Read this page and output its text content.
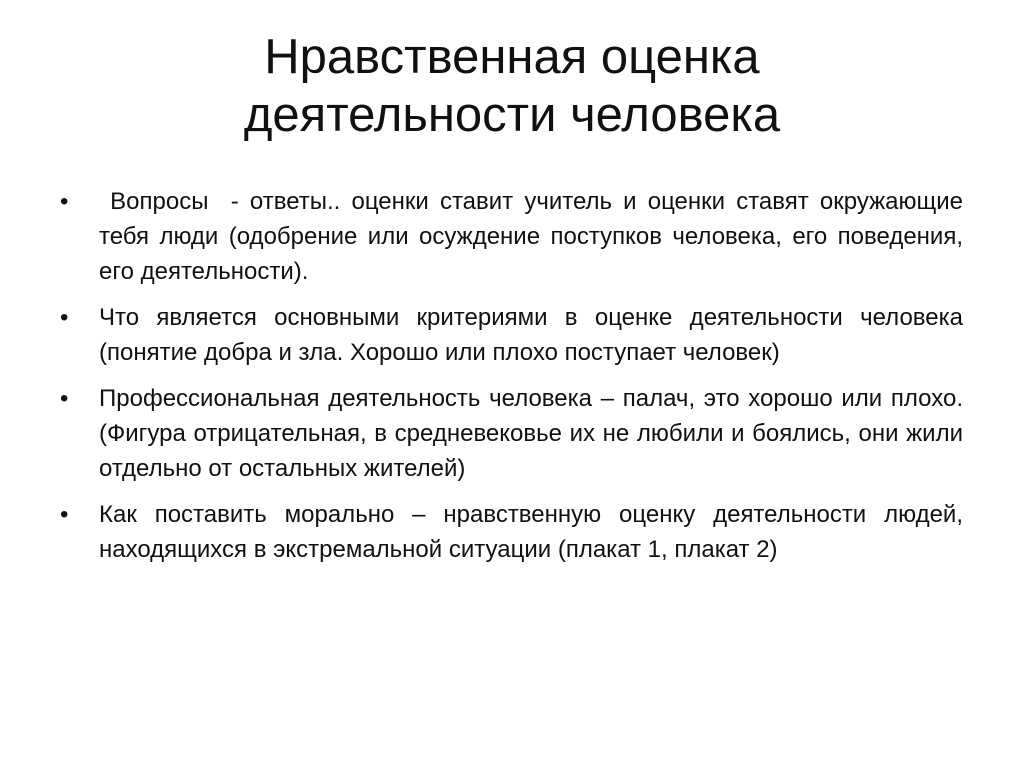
Нравственная оценка
деятельности человека
•	Вопросы  - ответы.. оценки ставит учитель и оценки ставят окружающие тебя люди (одобрение или осуждение поступков человека, его поведения, его деятельности).
•	Что является основными критериями в оценке деятельности человека (понятие добра и зла. Хорошо или плохо поступает человек)
•	Профессиональная деятельность человека – палач, это хорошо или плохо. (Фигура отрицательная, в средневековье их не любили и боялись, они жили отдельно от остальных жителей)
•	Как поставить морально – нравственную оценку деятельности людей, находящихся в экстремальной ситуации (плакат 1, плакат 2)
